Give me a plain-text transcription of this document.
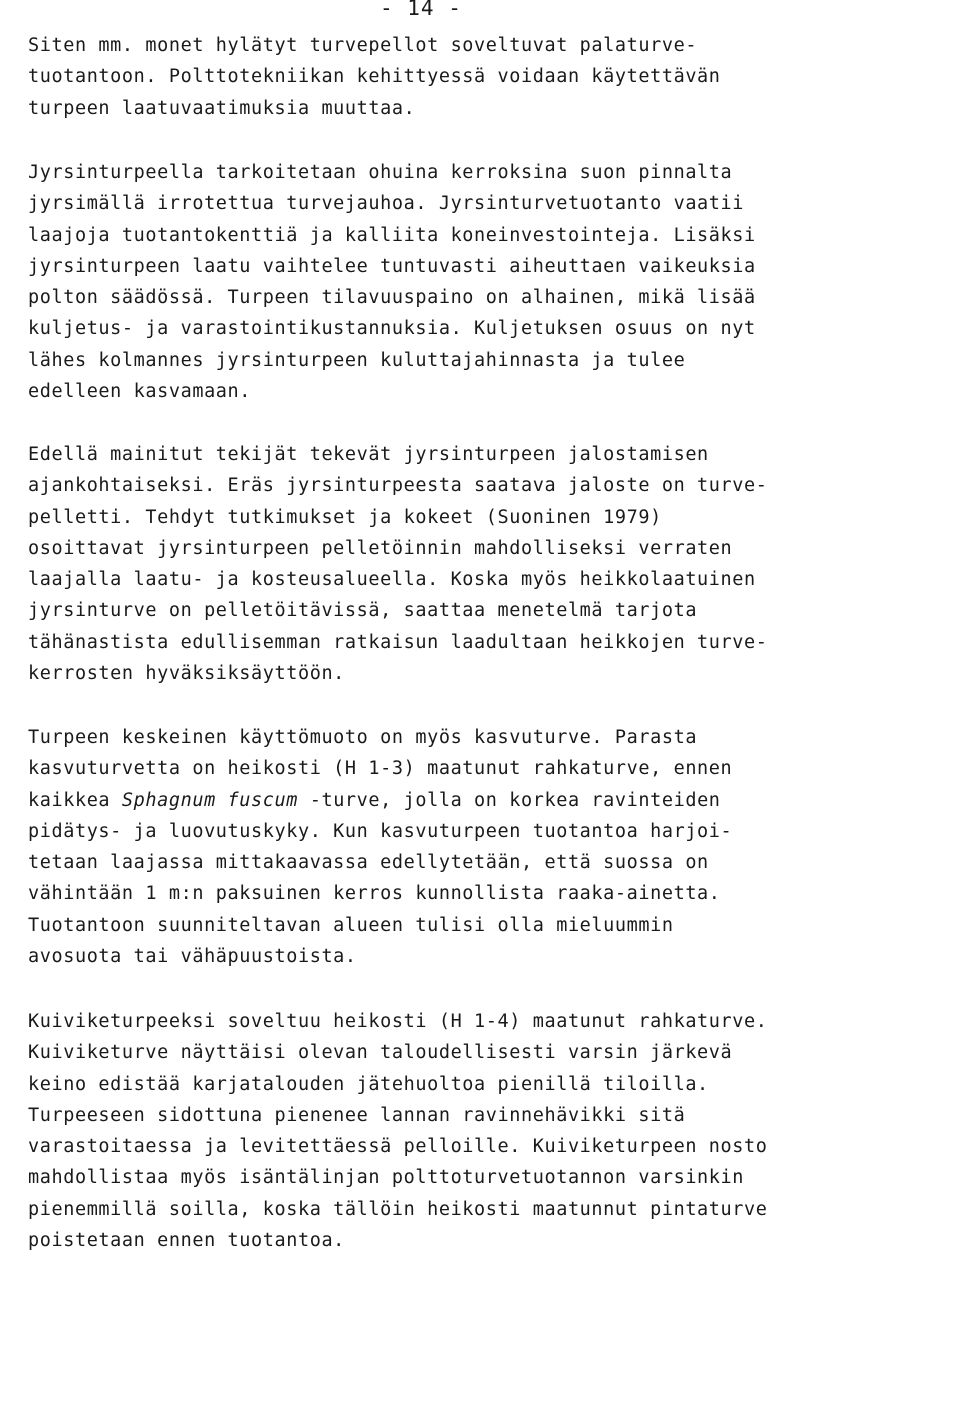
- 14 -
Siten mm. monet hylätyt turvepellot soveltuvat palaturve-
tuotantoon. Polttotekniikan kehittyessä voidaan käytettävän
turpeen laatuvaatimuksia muuttaa.
Jyrsinturpeella tarkoitetaan ohuina kerroksina suon pinnalta
jyrsimällä irrotettua turvejauhoa. Jyrsinturvetuotanto vaatii
laajoja tuotantokenttiä ja kalliita koneinvestointeja. Lisäksi
jyrsinturpeen laatu vaihtelee tuntuvasti aiheuttaen vaikeuksia
polton säädössä. Turpeen tilavuuspaino on alhainen, mikä lisää
kuljetus- ja varastointikustannuksia. Kuljetuksen osuus on nyt
lähes kolmannes jyrsinturpeen kuluttajahinnasta ja tulee
edelleen kasvamaan.
Edellä mainitut tekijät tekevät jyrsinturpeen jalostamisen
ajankohtaiseksi. Eräs jyrsinturpeesta saatava jaloste on turve-
pelletti. Tehdyt tutkimukset ja kokeet (Suoninen 1979)
osoittavat jyrsinturpeen pelletöinnin mahdolliseksi verraten
laajalla laatu- ja kosteusalueella. Koska myös heikkolaatuinen
jyrsinturve on pelletöitävissä, saattaa menetelmä tarjota
tähänastista edullisemman ratkaisun laadultaan heikkojen turve-
kerrosten hyväksiksäyttöön.
Turpeen keskeinen käyttömuoto on myös kasvuturve. Parasta
kasvuturvetta on heikosti (H 1-3) maatunut rahkaturve, ennen
kaikkea Sphagnum fuscum -turve, jolla on korkea ravinteiden
pidätys- ja luovutuskyky. Kun kasvuturpeen tuotantoa harjoi-
tetaan laajassa mittakaavassa edellytetään, että suossa on
vähintään 1 m:n paksuinen kerros kunnollista raaka-ainetta.
Tuotantoon suunniteltavan alueen tulisi olla mieluummin
avosuota tai vähäpuustoista.
Kuiviketurpeeksi soveltuu heikosti (H 1-4) maatunut rahkaturve.
Kuiviketurve näyttäisi olevan taloudellisesti varsin järkevä
keino edistää karjatalouden jätehuoltoa pienillä tiloilla.
Turpeeseen sidottuna pienenee lannan ravinnehävikki sitä
varastoitaessa ja levitettäessä pelloille. Kuiviketurpeen nosto
mahdollistaa myös isäntälinjan polttoturvetuotannon varsinkin
pienemmillä soilla, koska tällöin heikosti maatunnut pintaturve
poistetaan ennen tuotantoa.
